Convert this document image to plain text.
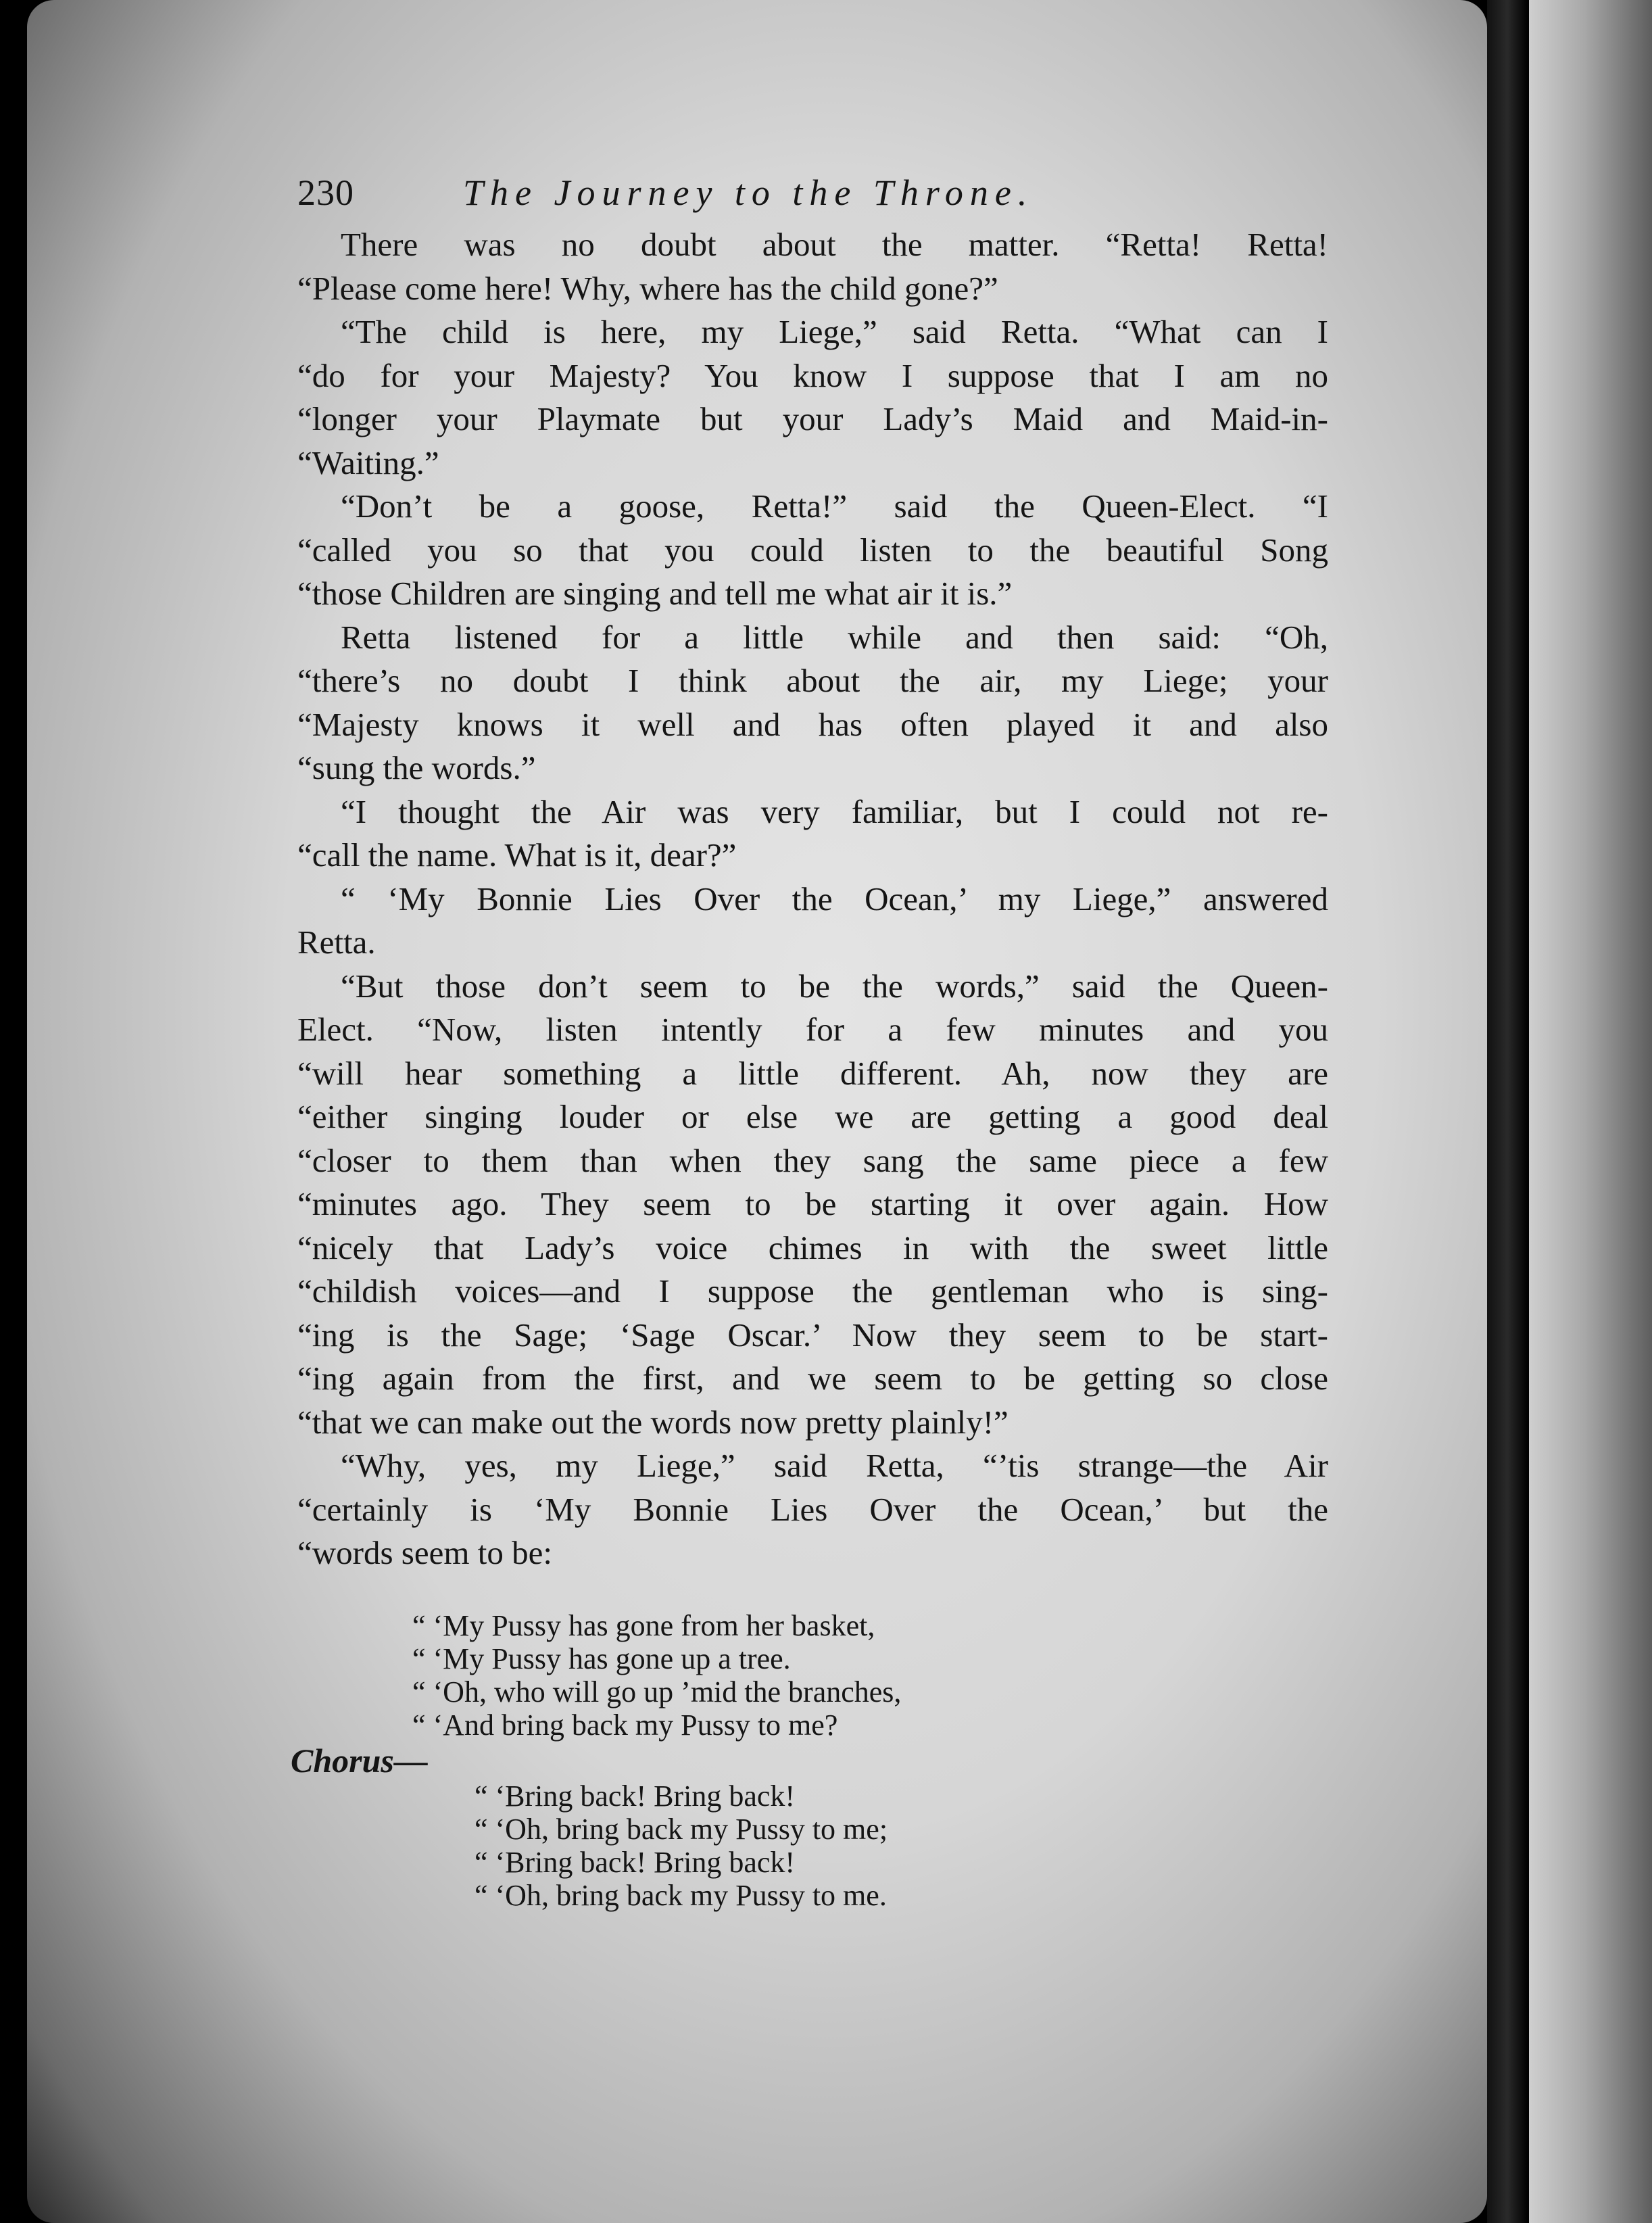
230	The Journey to the Throne.
There was no doubt about the matter. “Retta! Retta!
“Please come here! Why, where has the child gone?”
“The child is here, my Liege,” said Retta. “What can I
“do for your Majesty? You know I suppose that I am no
“longer your Playmate but your Lady’s Maid and Maid-in-
“Waiting.”
“Don’t be a goose, Retta!” said the Queen-Elect. “I
“called you so that you could listen to the beautiful Song
“those Children are singing and tell me what air it is.”
Retta listened for a little while and then said: “Oh,
“there’s no doubt I think about the air, my Liege; your
“Majesty knows it well and has often played it and also
“sung the words.”
“I thought the Air was very familiar, but I could not re-
“call the name. What is it, dear?”
“ ‘My Bonnie Lies Over the Ocean,’ my Liege,” answered
Retta.
“But those don’t seem to be the words,” said the Queen-
Elect. “Now, listen intently for a few minutes and you
“will hear something a little different. Ah, now they are
“either singing louder or else we are getting a good deal
“closer to them than when they sang the same piece a few
“minutes ago. They seem to be starting it over again. How
“nicely that Lady’s voice chimes in with the sweet little
“childish voices—and I suppose the gentleman who is sing-
“ing is the Sage; ‘Sage Oscar.’ Now they seem to be start-
“ing again from the first, and we seem to be getting so close
“that we can make out the words now pretty plainly!”
“Why, yes, my Liege,” said Retta, “’tis strange—the Air
“certainly is ‘My Bonnie Lies Over the Ocean,’ but the
“words seem to be:
“ ‘My Pussy has gone from her basket,
“ ‘My Pussy has gone up a tree.
“ ‘Oh, who will go up ’mid the branches,
“ ‘And bring back my Pussy to me?
Chorus—
“ ‘Bring back! Bring back!
“ ‘Oh, bring back my Pussy to me;
“ ‘Bring back! Bring back!
“ ‘Oh, bring back my Pussy to me.
